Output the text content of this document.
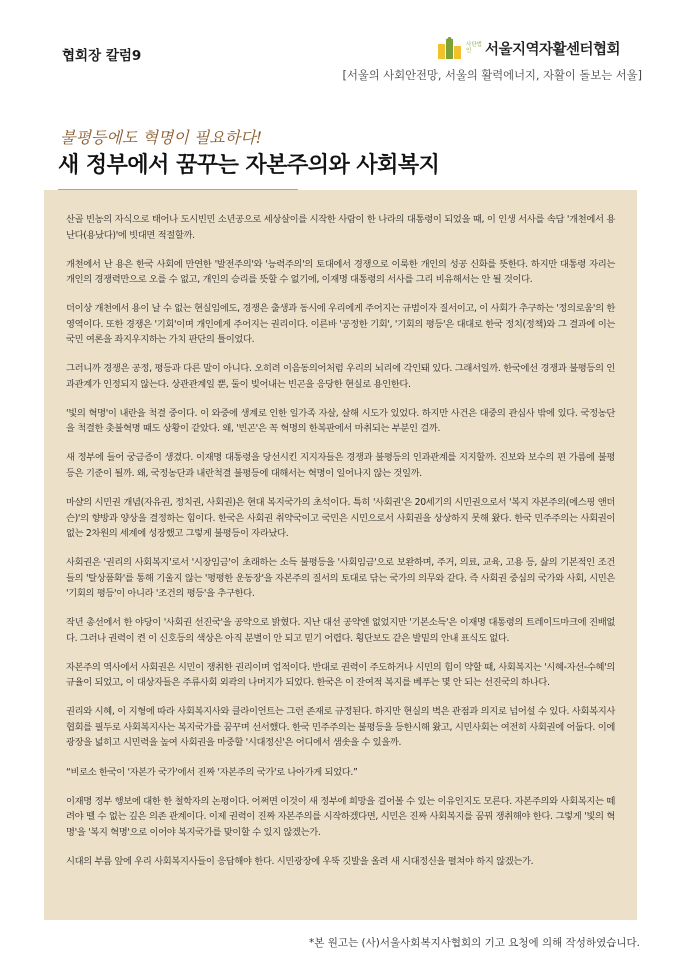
협회장 칼럼9
사단법인 서울지역자활센터협회
[서울의 사회안전망, 서울의 활력에너지, 자활이 돌보는 서울]
불평등에도 혁명이 필요하다!
새 정부에서 꿈꾸는 자본주의와 사회복지

산골 빈농의 자식으로 태어나 도시빈민 소년공으로 세상살이를 시작한 사람이 한 나라의 대통령이 되었을 때, 이 인생 서사를 속담 '개천에서 용난다(용났다)'에 빗대면 적절할까.

개천에서 난 용은 한국 사회에 만연한 '발전주의'와 '능력주의'의 토대에서 경쟁으로 이룩한 개인의 성공 신화를 뜻한다. 하지만 대통령 자리는 개인의 경쟁력만으로 오를 수 없고, 개인의 승리를 뜻할 수 없기에, 이재명 대통령의 서사를 그리 비유해서는 안 될 것이다.

더이상 개천에서 용이 날 수 없는 현실임에도, 경쟁은 출생과 동시에 우리에게 주어지는 규범이자 질서이고, 이 사회가 추구하는 '정의로움'의 한 영역이다. 또한 경쟁은 '기회'이며 개인에게 주어지는 권리이다. 이른바 '공정한 기회', '기회의 평등'은 대대로 한국 정치(정책)와 그 결과에 이는 국민 여론을 좌지우지하는 가치 판단의 틀이었다.

그러니까 경쟁은 공정, 평등과 다른 말이 아니다. 오히려 이음동의어처럼 우리의 뇌리에 각인돼 있다. 그래서일까. 한국에선 경쟁과 불평등의 인과관계가 인정되지 않는다. 상관관계일 뿐, 둘이 빚어내는 빈곤을 응당한 현실로 용인한다.

'빛의 혁명'이 내란을 척결 중이다. 이 와중에 생계로 인한 일가족 자살, 살해 시도가 있었다. 하지만 사건은 대중의 관심사 밖에 있다. 국정농단을 척결한 촛불혁명 때도 상황이 같았다. 왜, '빈곤'은 꼭 혁명의 한복판에서 마취되는 부분인 걸까.

새 정부에 들어 궁금증이 생겼다. 이재명 대통령을 당선시킨 지지자들은 경쟁과 불평등의 인과관계를 지지할까. 진보와 보수의 편 가름에 불평등은 기준이 될까. 왜, 국정농단과 내란척결 불평등에 대해서는 혁명이 일어나지 않는 것일까.

마샬의 시민권 개념(자유권, 정치권, 사회권)은 현대 복지국가의 초석이다. 특히 '사회권'은 20세기의 시민권으로서 '복지 자본주의(에스핑 앤더슨)'의 향방과 양상을 결정하는 힘이다. 한국은 사회권 취약국이고 국민은 시민으로서 사회권을 상상하지 못해 왔다. 한국 민주주의는 사회권이 없는 2차원의 세계에 성장했고 그렇게 불평등이 자라났다.

사회권은 '권리의 사회복지'로서 '시장임금'이 초래하는 소득 불평등을 '사회임금'으로 보완하며, 주거, 의료, 교육, 고용 등, 삶의 기본적인 조건들의 '탈상품화'를 통해 기울지 않는 '평평한 운동장'을 자본주의 질서의 토대로 닦는 국가의 의무와 같다. 즉 사회권 중심의 국가와 사회, 시민은 '기회의 평등'이 아니라 '조건의 평등'을 추구한다.

작년 총선에서 한 야당이 '사회권 선진국'을 공약으로 밝혔다. 지난 대선 공약엔 없었지만 '기본소득'은 이재명 대통령의 트레이드마크에 진배없다. 그러나 권력이 켠 이 신호등의 색상은 아직 분별이 안 되고 믿기 어렵다. 횡단보도 같은 발밑의 안내 표식도 없다.

자본주의 역사에서 사회권은 시민이 쟁취한 권리이며 업적이다. 반대로 권력이 주도하거나 시민의 힘이 약할 때, 사회복지는 '시혜-자선-수혜'의 규율이 되었고, 이 대상자들은 주류사회 외곽의 나머지가 되었다. 한국은 이 잔여적 복지를 베푸는 몇 안 되는 선진국의 하나다.

권리와 시혜, 이 지형에 따라 사회복지사와 클라이언트는 그런 존재로 규정된다. 하지만 현실의 벽은 관점과 의지로 넘어설 수 있다. 사회복지사협회를 필두로 사회복지사는 복지국가를 꿈꾸며 선서했다. 한국 민주주의는 불평등을 등한시해 왔고, 시민사회는 여전히 사회권에 어둡다. 이에 광장을 넓히고 시민력을 높여 사회권을 마중할 '시대정신'은 어디에서 샘솟을 수 있을까.

“비로소 한국이 '자본가 국가'에서 진짜 '자본주의 국가'로 나아가게 되었다.”

이재명 정부 행보에 대한 한 철학자의 논평이다. 어쩌면 이것이 새 정부에 희망을 걸어볼 수 있는 이유인지도 모른다. 자본주의와 사회복지는 떼려야 뗄 수 없는 깊은 의존 관계이다. 이제 권력이 진짜 자본주의를 시작하겠다면, 시민은 진짜 사회복지를 꿈꿔 쟁취해야 한다. 그렇게 '빛의 혁명'을 '복지 혁명'으로 이어야 복지국가를 맞이할 수 있지 않겠는가.

시대의 부름 앞에 우리 사회복지사들이 응답해야 한다. 시민광장에 우뚝 깃발을 올려 새 시대정신을 펼쳐야 하지 않겠는가.

*본 원고는 (사)서울사회복지사협회의 기고 요청에 의해 작성하였습니다.
